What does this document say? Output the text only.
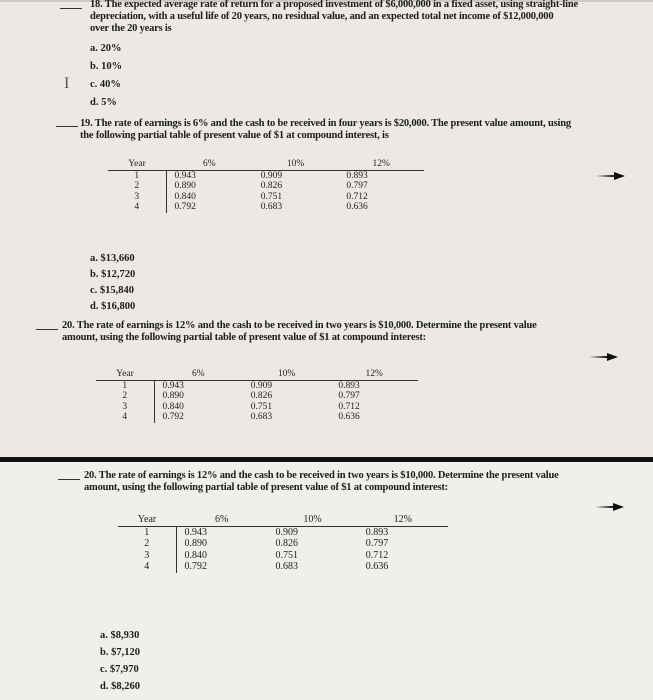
18. The expected average rate of return for a proposed investment of $6,000,000 in a fixed asset, using straight-line
depreciation, with a useful life of 20 years, no residual value, and an expected total net income of $12,000,000
over the 20 years is
a. 20%
b. 10%
I c. 40%
d. 5%
19. The rate of earnings is 6% and the cash to be received in four years is $20,000. The present value amount, using
the following partial table of present value of $1 at compound interest, is
Year	6%	10%	12%
1	0.943	0.909	0.893
2	0.890	0.826	0.797
3	0.840	0.751	0.712
4	0.792	0.683	0.636
a. $13,660
b. $12,720
c. $15,840
d. $16,800
20. The rate of earnings is 12% and the cash to be received in two years is $10,000. Determine the present value
amount, using the following partial table of present value of $1 at compound interest:
Year	6%	10%	12%
1	0.943	0.909	0.893
2	0.890	0.826	0.797
3	0.840	0.751	0.712
4	0.792	0.683	0.636
20. The rate of earnings is 12% and the cash to be received in two years is $10,000. Determine the present value
amount, using the following partial table of present value of $1 at compound interest:
Year	6%	10%	12%
1	0.943	0.909	0.893
2	0.890	0.826	0.797
3	0.840	0.751	0.712
4	0.792	0.683	0.636
a. $8,930
b. $7,120
c. $7,970
d. $8,260
